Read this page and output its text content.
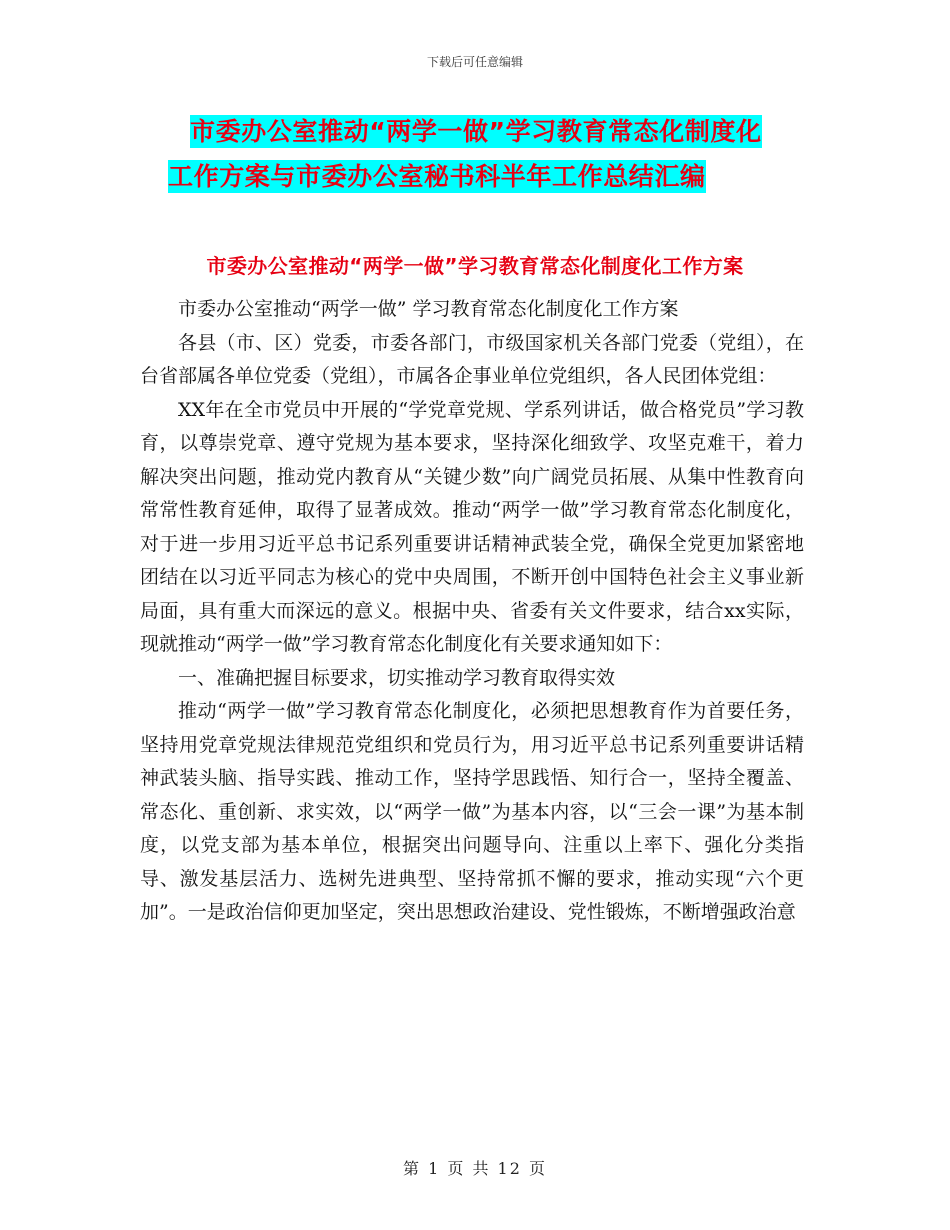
下载后可任意编辑
市委办公室推动“两学一做”学习教育常态化制度化
工作方案与市委办公室秘书科半年工作总结汇编
市委办公室推动“两学一做”学习教育常态化制度化工作方案

市委办公室推动“两学一做” 学习教育常态化制度化工作方案

各县（市、区）党委，市委各部门，市级国家机关各部门党委（党组），在台省部属各单位党委（党组），市属各企事业单位党组织，各人民团体党组：

XX年在全市党员中开展的“学党章党规、学系列讲话，做合格党员”学习教育，以尊崇党章、遵守党规为基本要求，坚持深化细致学、攻坚克难干，着力解决突出问题，推动党内教育从“关键少数”向广阔党员拓展、从集中性教育向常常性教育延伸，取得了显著成效。推动“两学一做”学习教育常态化制度化，对于进一步用习近平总书记系列重要讲话精神武装全党，确保全党更加紧密地团结在以习近平同志为核心的党中央周围，不断开创中国特色社会主义事业新局面，具有重大而深远的意义。根据中央、省委有关文件要求，结合xx实际，现就推动“两学一做”学习教育常态化制度化有关要求通知如下：

一、准确把握目标要求，切实推动学习教育取得实效

推动“两学一做”学习教育常态化制度化，必须把思想教育作为首要任务，坚持用党章党规法律规范党组织和党员行为，用习近平总书记系列重要讲话精神武装头脑、指导实践、推动工作，坚持学思践悟、知行合一，坚持全覆盖、常态化、重创新、求实效，以“两学一做”为基本内容，以“三会一课”为基本制度，以党支部为基本单位，根据突出问题导向、注重以上率下、强化分类指导、激发基层活力、选树先进典型、坚持常抓不懈的要求，推动实现“六个更加”。一是政治信仰更加坚定，突出思想政治建设、党性锻炼，不断增强政治意

第 1 页 共 12 页
